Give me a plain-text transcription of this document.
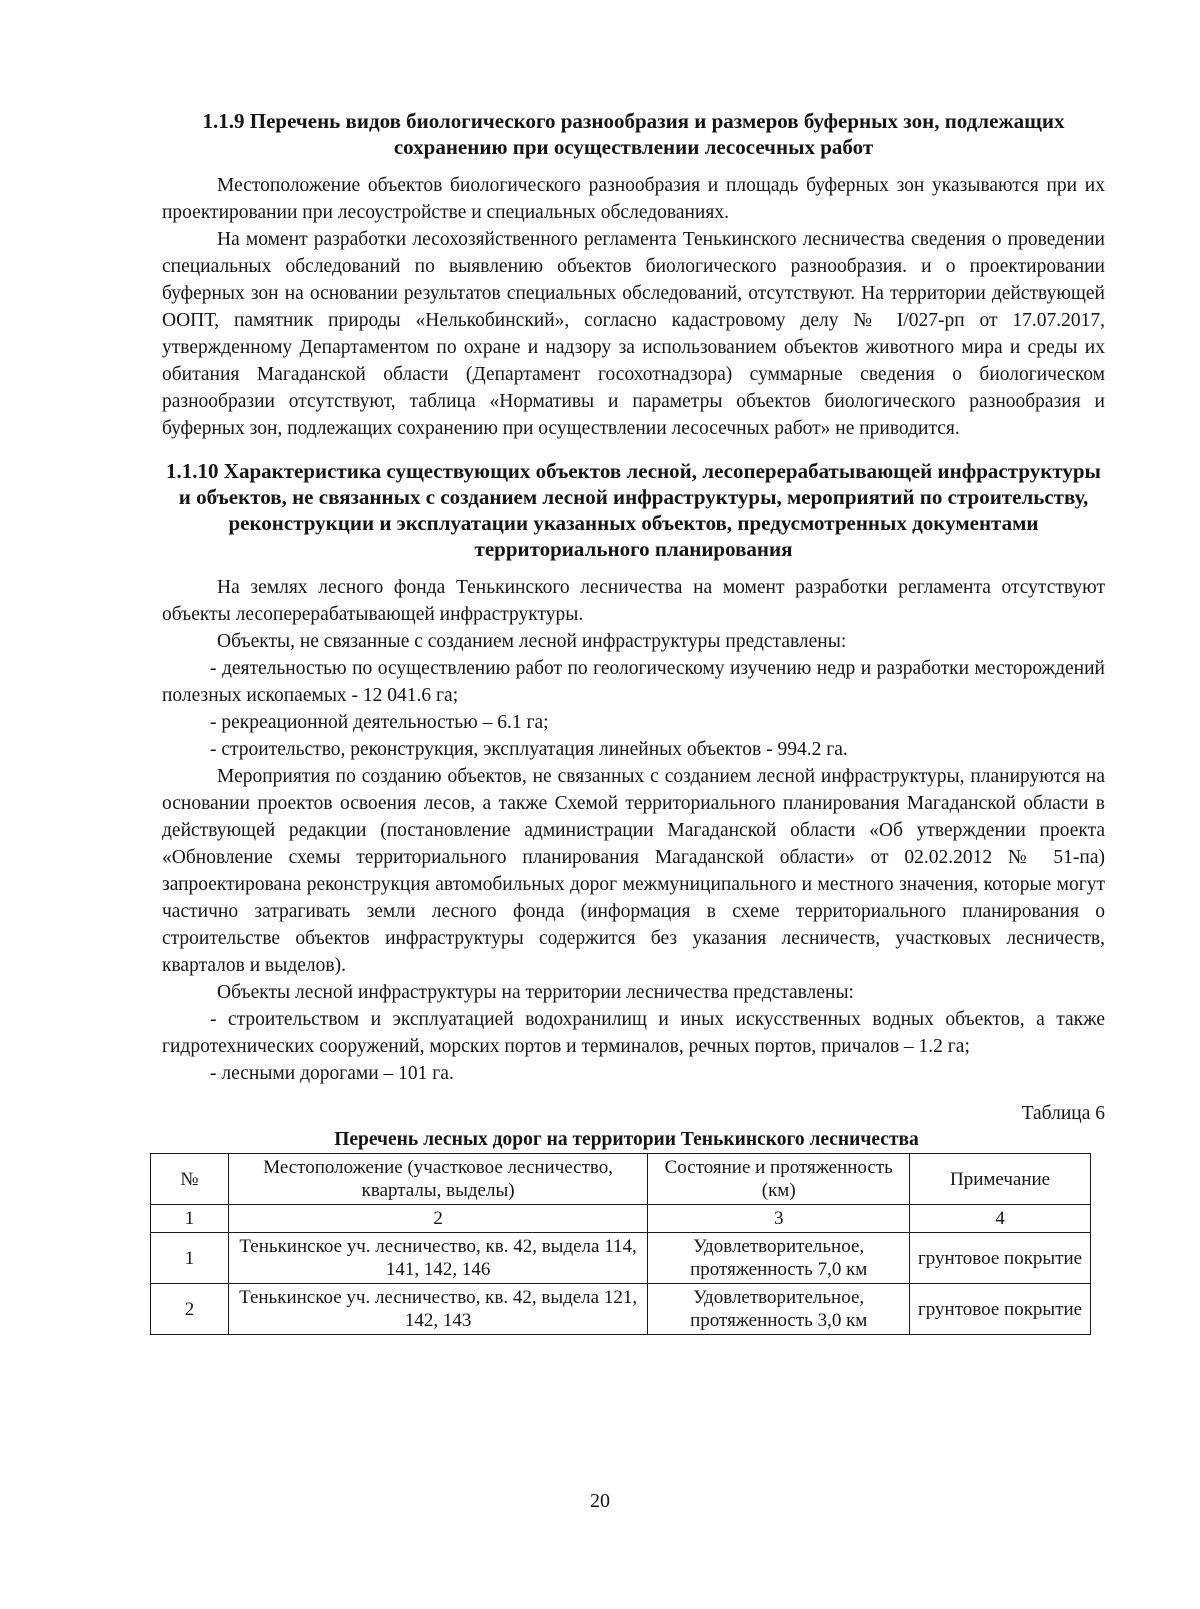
1.1.9 Перечень видов биологического разнообразия и размеров буферных зон, подлежащих сохранению при осуществлении лесосечных работ

Местоположение объектов биологического разнообразия и площадь буферных зон указываются при их проектировании при лесоустройстве и специальных обследованиях.

На момент разработки лесохозяйственного регламента Тенькинского лесничества сведения о проведении специальных обследований по выявлению объектов биологического разнообразия. и о проектировании буферных зон на основании результатов специальных обследований, отсутствуют. На территории действующей ООПТ, памятник природы «Нелькобинский», согласно кадастровому делу № I/027-рп от 17.07.2017, утвержденному Департаментом по охране и надзору за использованием объектов животного мира и среды их обитания Магаданской области (Департамент госохотнадзора) суммарные сведения о биологическом разнообразии отсутствуют, таблица «Нормативы и параметры объектов биологического разнообразия и буферных зон, подлежащих сохранению при осуществлении лесосечных работ» не приводится.

1.1.10 Характеристика существующих объектов лесной, лесоперерабатывающей инфраструктуры и объектов, не связанных с созданием лесной инфраструктуры, мероприятий по строительству, реконструкции и эксплуатации указанных объектов, предусмотренных документами территориального планирования

На землях лесного фонда Тенькинского лесничества на момент разработки регламента отсутствуют объекты лесоперерабатывающей инфраструктуры.

Объекты, не связанные с созданием лесной инфраструктуры представлены:

- деятельностью по осуществлению работ по геологическому изучению недр и разработки месторождений полезных ископаемых - 12 041.6 га;

- рекреационной деятельностью – 6.1 га;

- строительство, реконструкция, эксплуатация линейных объектов - 994.2 га.

Мероприятия по созданию объектов, не связанных с созданием лесной инфраструктуры, планируются на основании проектов освоения лесов, а также Схемой территориального планирования Магаданской области в действующей редакции (постановление администрации Магаданской области «Об утверждении проекта «Обновление схемы территориального планирования Магаданской области» от 02.02.2012 № 51-па) запроектирована реконструкция автомобильных дорог межмуниципального и местного значения, которые могут частично затрагивать земли лесного фонда (информация в схеме территориального планирования о строительстве объектов инфраструктуры содержится без указания лесничеств, участковых лесничеств, кварталов и выделов).

Объекты лесной инфраструктуры на территории лесничества представлены:

- строительством и эксплуатацией водохранилищ и иных искусственных водных объектов, а также гидротехнических сооружений, морских портов и терминалов, речных портов, причалов – 1.2 га;

- лесными дорогами – 101 га.

Таблица 6
Перечень лесных дорог на территории Тенькинского лесничества
№	Местоположение (участковое лесничество, кварталы, выделы)	Состояние и протяженность (км)	Примечание
1	2	3	4
1	Тенькинское уч. лесничество, кв. 42, выдела 114, 141, 142, 146	Удовлетворительное, протяженность 7,0 км	грунтовое покрытие
2	Тенькинское уч. лесничество, кв. 42, выдела 121, 142, 143	Удовлетворительное, протяженность 3,0 км	грунтовое покрытие
20
